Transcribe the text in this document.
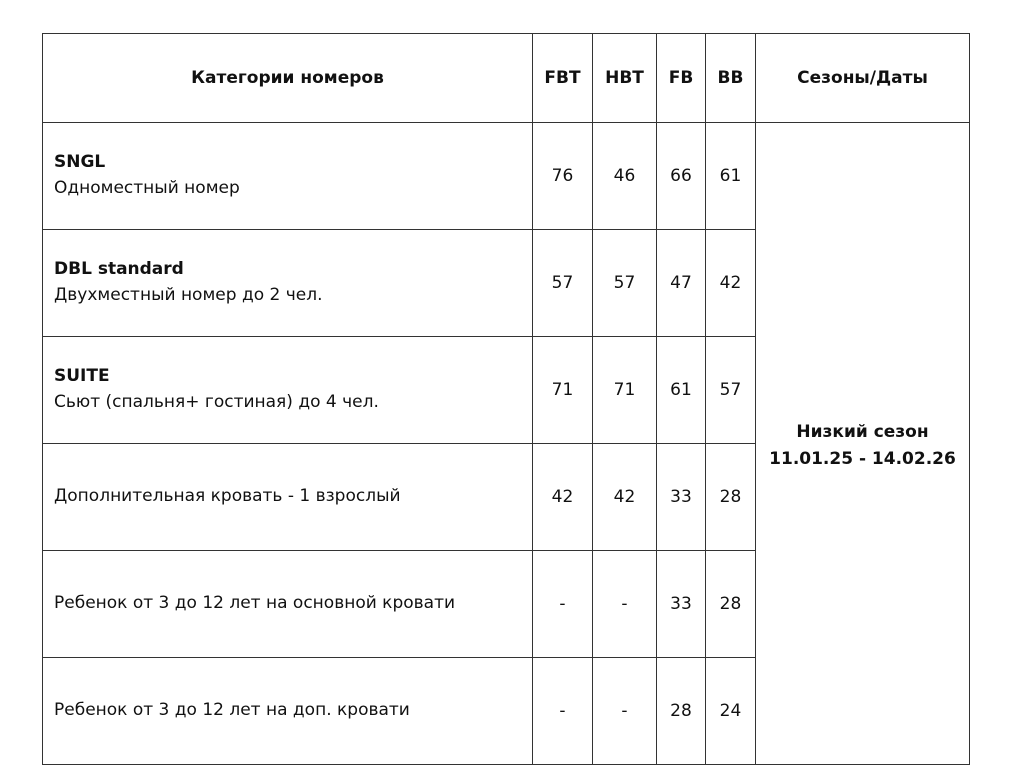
Категории номеров	FBT	HBT	FB	BB	Сезоны/Даты

SNGL
Одноместный номер	76	46	66	61	Низкий сезон
11.01.25 - 14.02.26

DBL standard
Двухместный номер до 2 чел.	57	57	47	42	

SUITE
Сьют (спальня+ гостиная) до 4 чел.	71	71	61	57	

Дополнительная кровать - 1 взрослый	42	42	33	28	

Ребенок от 3 до 12 лет на основной кровати	-	-	33	28	

Ребенок от 3 до 12 лет на доп. кровати	-	-	28	24	
